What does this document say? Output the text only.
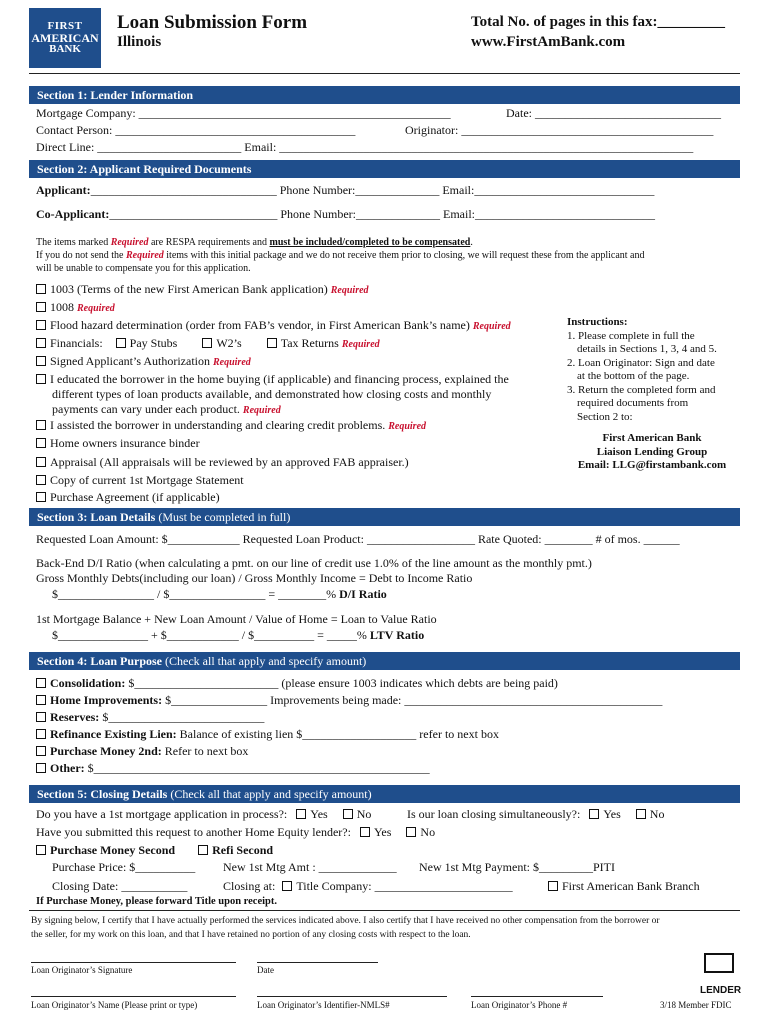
FIRST
AMERICAN
BANK
Loan Submission Form
Illinois
Total No. of pages in this fax:_________
www.FirstAmBank.com
Section 1: Lender Information
Mortgage Company: ____________________________________________________	Date: _______________________________
Contact Person: ________________________________________	Originator: __________________________________________
Direct Line: ________________________ Email: _____________________________________________________________________
Section 2: Applicant Required Documents
Applicant:_______________________________ Phone Number:______________ Email:______________________________
Co-Applicant:____________________________ Phone Number:______________ Email:______________________________
The items marked Required are RESPA requirements and must be included/completed to be compensated.
If you do not send the Required items with this initial package and we do not receive them prior to closing, we will request these from the applicant and
will be unable to compensate you for this application.
1003 (Terms of the new First American Bank application) Required
1008 Required
Flood hazard determination (order from FAB’s vendor, in First American Bank’s name) Required
Financials: Pay Stubs	W2’s	Tax Returns Required
Signed Applicant’s Authorization Required
I educated the borrower in the home buying (if applicable) and financing process, explained the
different types of loan products available, and demonstrated how closing costs and monthly
payments can vary under each product. Required
I assisted the borrower in understanding and clearing credit problems. Required
Home owners insurance binder
Appraisal (All appraisals will be reviewed by an approved FAB appraiser.)
Copy of current 1st Mortgage Statement
Purchase Agreement (if applicable)
Instructions:
1. Please complete in full the
details in Sections 1, 3, 4 and 5.
2. Loan Originator: Sign and date
at the bottom of the page.
3. Return the completed form and
required documents from
Section 2 to:
First American Bank
Liaison Lending Group
Email: LLG@firstambank.com
Section 3: Loan Details (Must be completed in full)
Requested Loan Amount: $____________ Requested Loan Product: __________________ Rate Quoted: ________ # of mos. ______
Back-End D/I Ratio (when calculating a pmt. on our line of credit use 1.0% of the line amount as the monthly pmt.)
Gross Monthly Debts(including our loan) / Gross Monthly Income = Debt to Income Ratio
$________________ / $________________ = ________% D/I Ratio
1st Mortgage Balance + New Loan Amount / Value of Home = Loan to Value Ratio
$_______________ + $____________ / $__________ = _____% LTV Ratio
Section 4: Loan Purpose (Check all that apply and specify amount)
Consolidation: $________________________ (please ensure 1003 indicates which debts are being paid)
Home Improvements: $________________ Improvements being made: ___________________________________________
Reserves: $__________________________
Refinance Existing Lien: Balance of existing lien $___________________ refer to next box
Purchase Money 2nd: Refer to next box
Other: $________________________________________________________
Section 5: Closing Details (Check all that apply and specify amount)
Do you have a 1st mortgage application in process?: Yes No	Is our loan closing simultaneously?: Yes No
Have you submitted this request to another Home Equity lender?: Yes No
Purchase Money Second	Refi Second
Purchase Price: $__________ New 1st Mtg Amt : _____________ New 1st Mtg Payment: $_________PITI
Closing Date: ___________	Closing at: Title Company: _______________________	First American Bank Branch
If Purchase Money, please forward Title upon receipt.
By signing below, I certify that I have actually performed the services indicated above. I also certify that I have received no other compensation from the borrower or
the seller, for my work on this loan, and that I have retained no portion of any closing costs with respect to the loan.
Loan Originator’s Signature	Date
LENDER
Loan Originator’s Name (Please print or type)	Loan Originator’s Identifier-NMLS#	Loan Originator’s Phone #	3/18 Member FDIC
